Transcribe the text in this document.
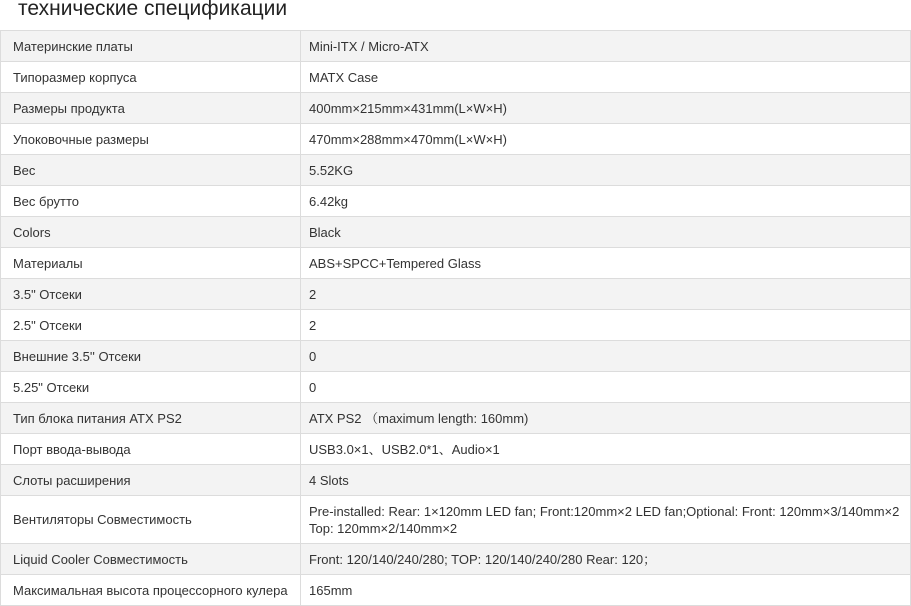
технические спецификации
Материнские платы	Mini-ITX / Micro-ATX
Типоразмер корпуса	MATX Case
Размеры продукта	400mm×215mm×431mm(L×W×H)
Упоковочные размеры	470mm×288mm×470mm(L×W×H)
Вес	5.52KG
Вес брутто	6.42kg
Colors	Black
Материалы	ABS+SPCC+Tempered Glass
3.5" Отсеки	2
2.5" Отсеки	2
Внешние 3.5'' Отсеки	0
5.25" Отсеки	0
Тип блока питания ATX PS2	ATX PS2 （maximum length: 160mm)
Порт ввода-вывода	USB3.0×1、USB2.0*1、Audio×1
Слоты расширения	4 Slots
Вентиляторы Совместимость	Pre-installed: Rear: 1×120mm LED fan; Front:120mm×2 LED fan;Optional: Front: 120mm×3/140mm×2 Top: 120mm×2/140mm×2
Liquid Cooler Совместимость	Front: 120/140/240/280; TOP: 120/140/240/280 Rear: 120；
Максимальная высота процессорного кулера	165mm
